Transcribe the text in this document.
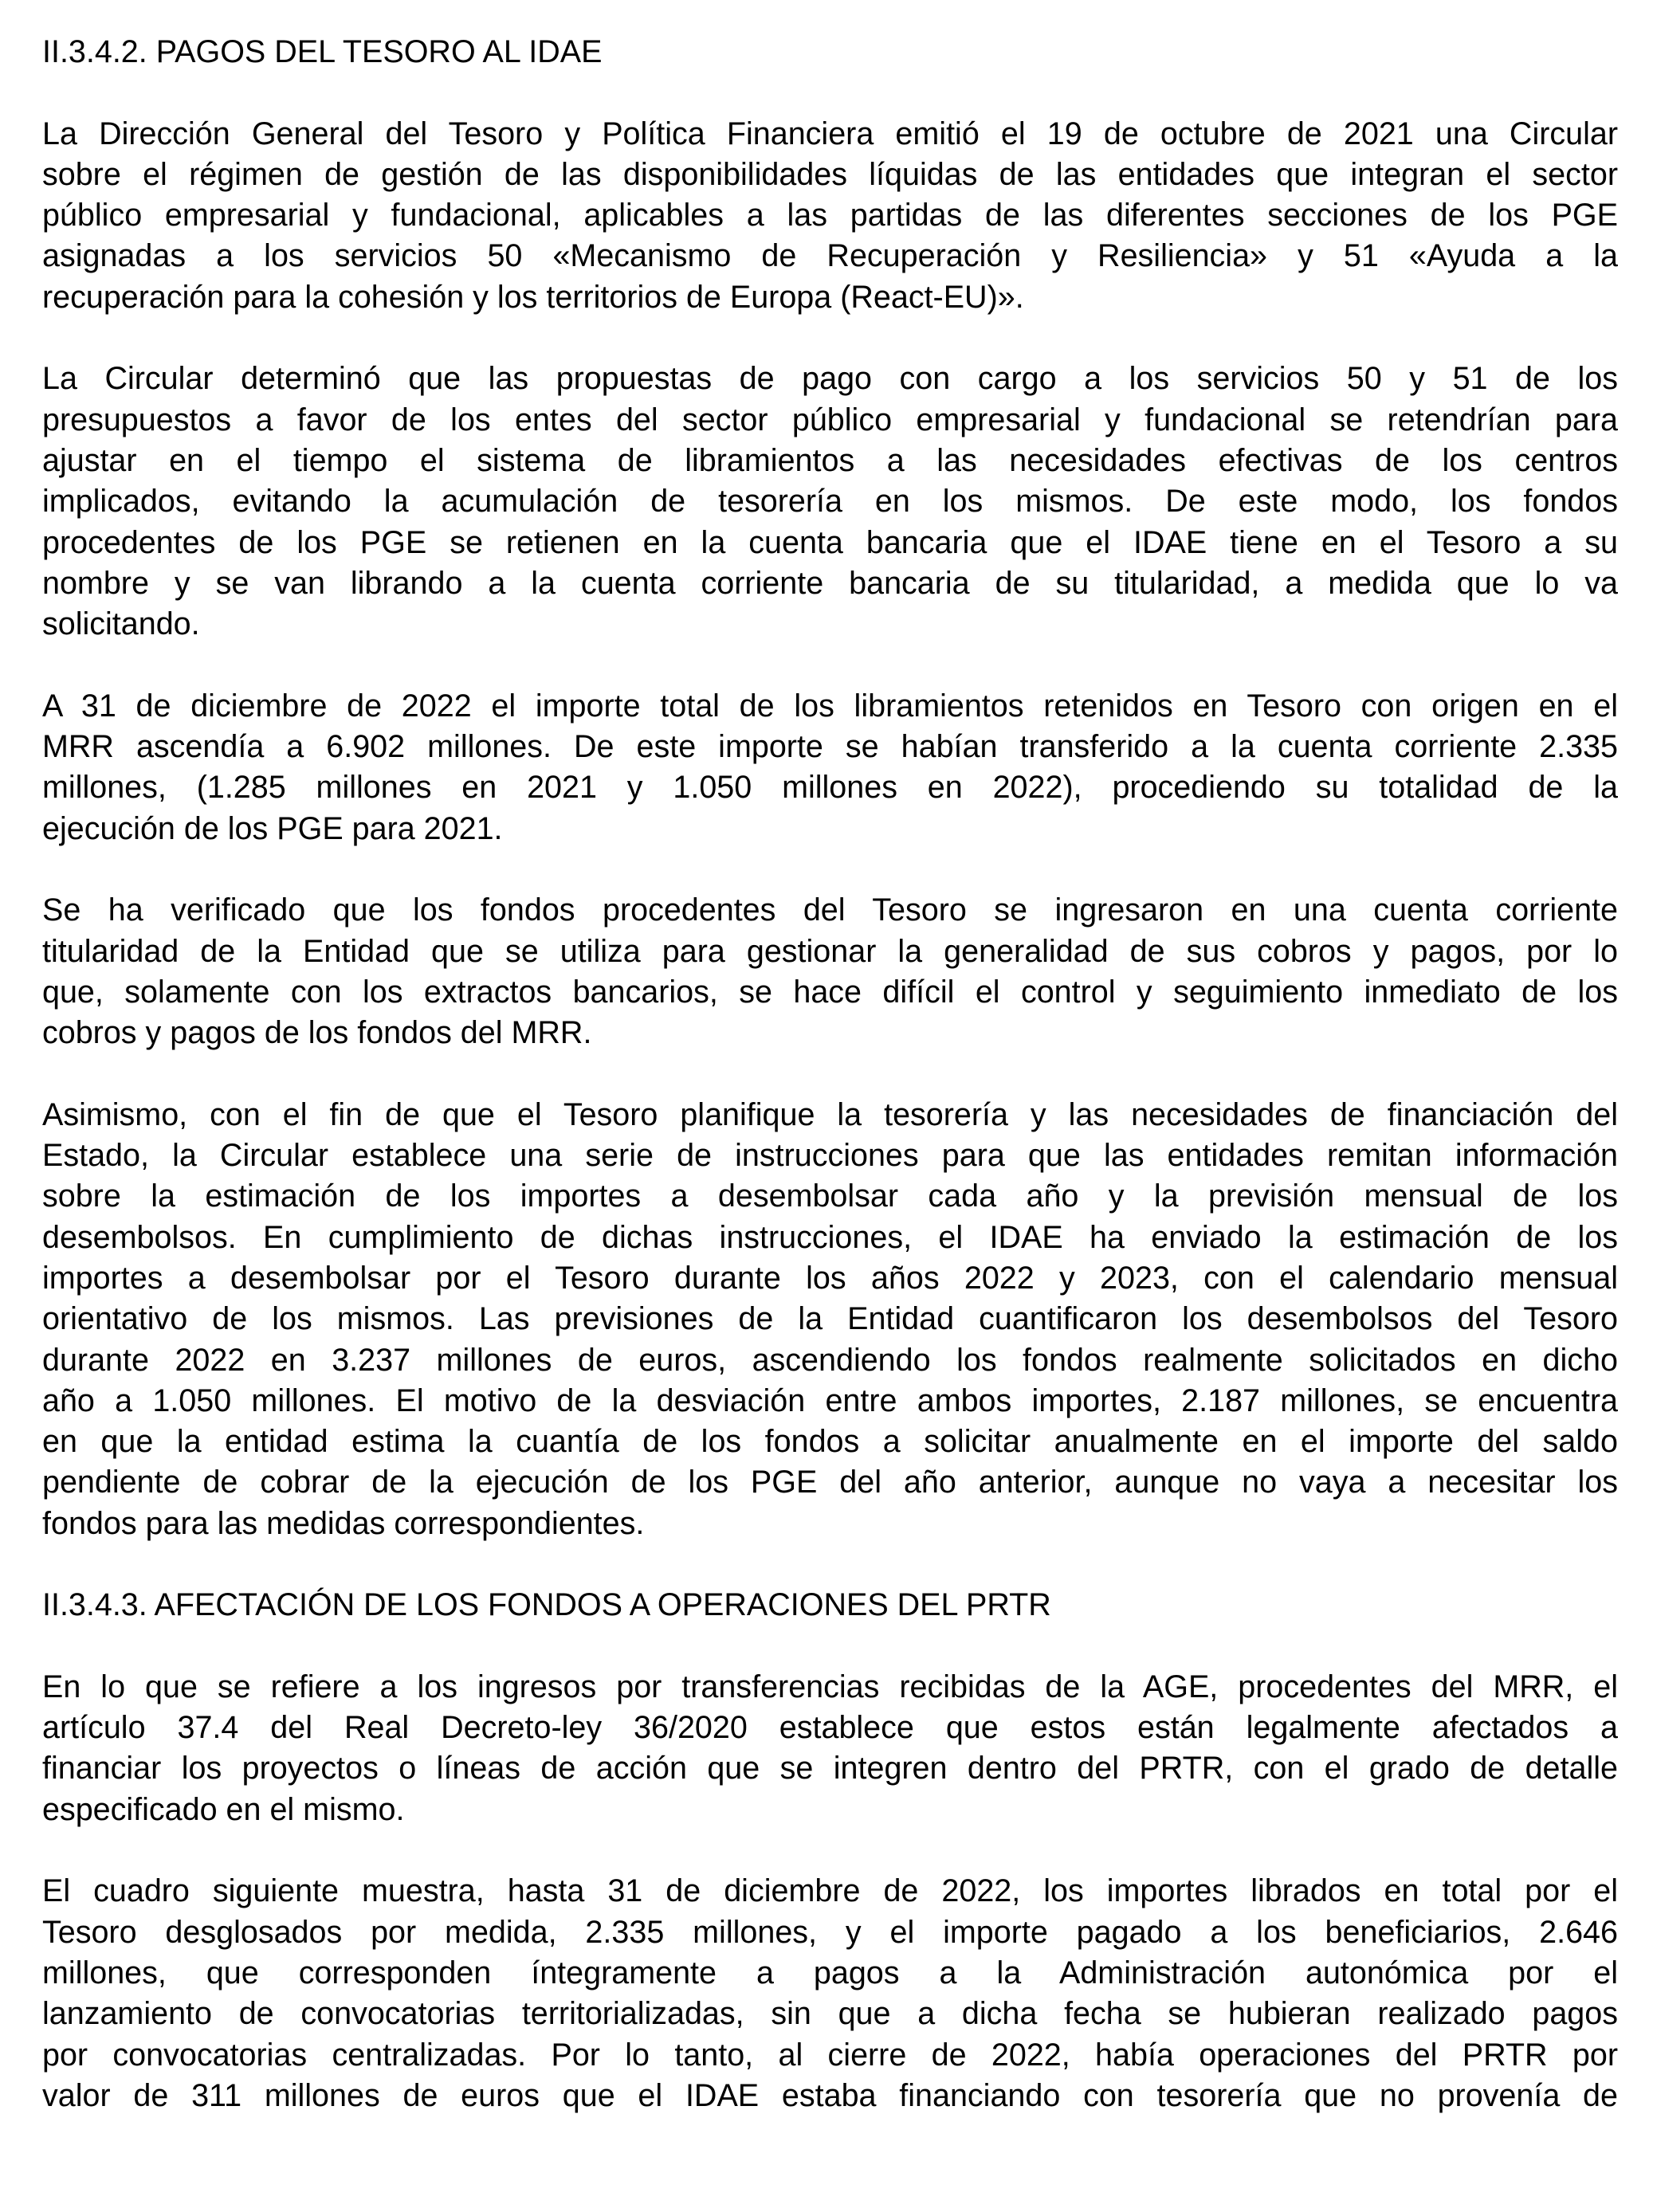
II.3.4.2. PAGOS DEL TESORO AL IDAE
La Dirección General del Tesoro y Política Financiera emitió el 19 de octubre de 2021 una Circular
sobre el régimen de gestión de las disponibilidades líquidas de las entidades que integran el sector
público empresarial y fundacional, aplicables a las partidas de las diferentes secciones de los PGE
asignadas a los servicios 50 «Mecanismo de Recuperación y Resiliencia» y 51 «Ayuda a la
recuperación para la cohesión y los territorios de Europa (React-EU)».
La Circular determinó que las propuestas de pago con cargo a los servicios 50 y 51 de los
presupuestos a favor de los entes del sector público empresarial y fundacional se retendrían para
ajustar en el tiempo el sistema de libramientos a las necesidades efectivas de los centros
implicados, evitando la acumulación de tesorería en los mismos. De este modo, los fondos
procedentes de los PGE se retienen en la cuenta bancaria que el IDAE tiene en el Tesoro a su
nombre y se van librando a la cuenta corriente bancaria de su titularidad, a medida que lo va
solicitando.
A 31 de diciembre de 2022 el importe total de los libramientos retenidos en Tesoro con origen en el
MRR ascendía a 6.902 millones. De este importe se habían transferido a la cuenta corriente 2.335
millones, (1.285 millones en 2021 y 1.050 millones en 2022), procediendo su totalidad de la
ejecución de los PGE para 2021.
Se ha verificado que los fondos procedentes del Tesoro se ingresaron en una cuenta corriente
titularidad de la Entidad que se utiliza para gestionar la generalidad de sus cobros y pagos, por lo
que, solamente con los extractos bancarios, se hace difícil el control y seguimiento inmediato de los
cobros y pagos de los fondos del MRR.
Asimismo, con el fin de que el Tesoro planifique la tesorería y las necesidades de financiación del
Estado, la Circular establece una serie de instrucciones para que las entidades remitan información
sobre la estimación de los importes a desembolsar cada año y la previsión mensual de los
desembolsos. En cumplimiento de dichas instrucciones, el IDAE ha enviado la estimación de los
importes a desembolsar por el Tesoro durante los años 2022 y 2023, con el calendario mensual
orientativo de los mismos. Las previsiones de la Entidad cuantificaron los desembolsos del Tesoro
durante 2022 en 3.237 millones de euros, ascendiendo los fondos realmente solicitados en dicho
año a 1.050 millones. El motivo de la desviación entre ambos importes, 2.187 millones, se encuentra
en que la entidad estima la cuantía de los fondos a solicitar anualmente en el importe del saldo
pendiente de cobrar de la ejecución de los PGE del año anterior, aunque no vaya a necesitar los
fondos para las medidas correspondientes.
II.3.4.3. AFECTACIÓN DE LOS FONDOS A OPERACIONES DEL PRTR
En lo que se refiere a los ingresos por transferencias recibidas de la AGE, procedentes del MRR, el
artículo 37.4 del Real Decreto-ley 36/2020 establece que estos están legalmente afectados a
financiar los proyectos o líneas de acción que se integren dentro del PRTR, con el grado de detalle
especificado en el mismo.
El cuadro siguiente muestra, hasta 31 de diciembre de 2022, los importes librados en total por el
Tesoro desglosados por medida, 2.335 millones, y el importe pagado a los beneficiarios, 2.646
millones, que corresponden íntegramente a pagos a la Administración autonómica por el
lanzamiento de convocatorias territorializadas, sin que a dicha fecha se hubieran realizado pagos
por convocatorias centralizadas. Por lo tanto, al cierre de 2022, había operaciones del PRTR por
valor de 311 millones de euros que el IDAE estaba financiando con tesorería que no provenía de
